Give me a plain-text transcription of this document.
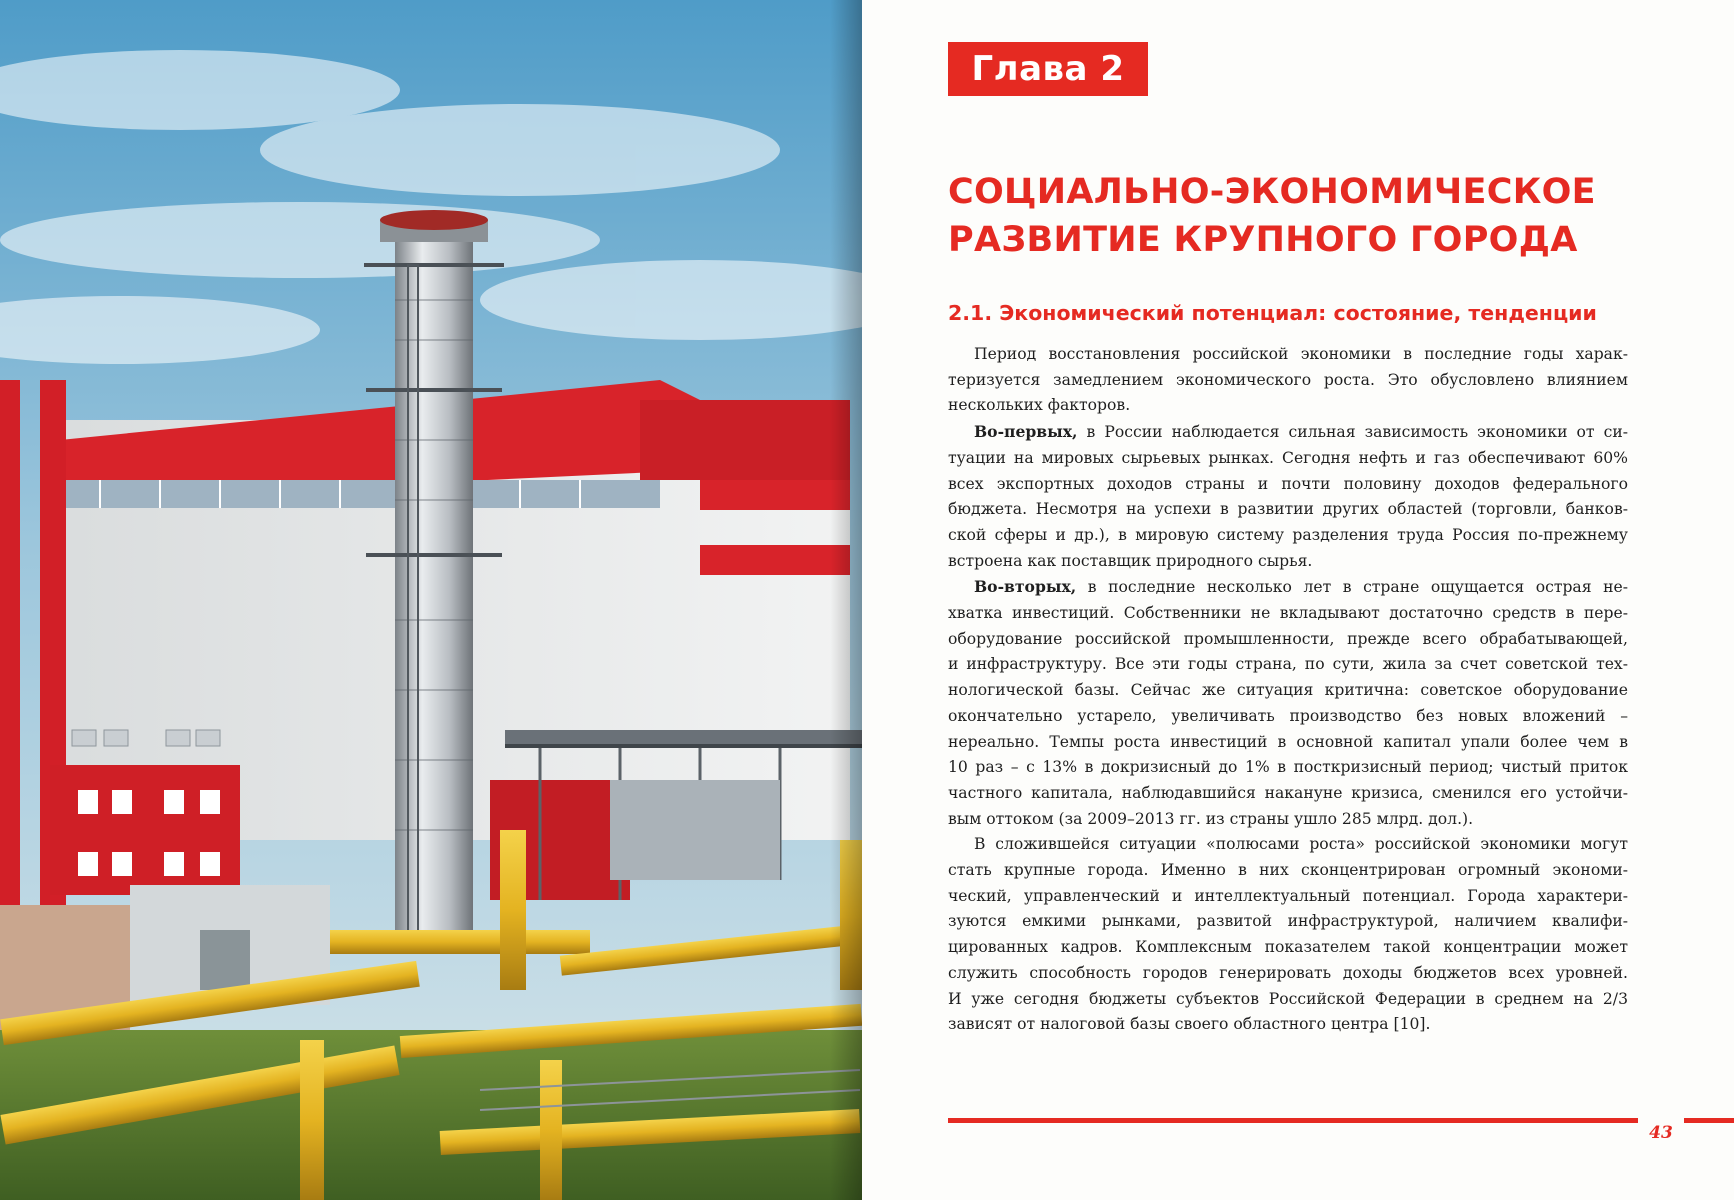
Глава 2
СОЦИАЛЬНО-ЭКОНОМИЧЕСКОЕ
РАЗВИТИЕ КРУПНОГО ГОРОДА
2.1. Экономический потенциал: состояние, тенденции

Период восстановления российской экономики в последние годы харак-
теризуется замедлением экономического роста. Это обусловлено влиянием
нескольких факторов.

Во-первых, в России наблюдается сильная зависимость экономики от си-
туации на мировых сырьевых рынках. Сегодня нефть и газ обеспечивают 60%
всех экспортных доходов страны и почти половину доходов федерального
бюджета. Несмотря на успехи в развитии других областей (торговли, банков-
ской сферы и др.), в мировую систему разделения труда Россия по-прежнему
встроена как поставщик природного сырья.

Во-вторых, в последние несколько лет в стране ощущается острая не-
хватка инвестиций. Собственники не вкладывают достаточно средств в пере-
оборудование российской промышленности, прежде всего обрабатывающей,
и инфраструктуру. Все эти годы страна, по сути, жила за счет советской тех-
нологической базы. Сейчас же ситуация критична: советское оборудование
окончательно устарело, увеличивать производство без новых вложений –
нереально. Темпы роста инвестиций в основной капитал упали более чем в
10 раз – с 13% в докризисный до 1% в посткризисный период; чистый приток
частного капитала, наблюдавшийся накануне кризиса, сменился его устойчи-
вым оттоком (за 2009–2013 гг. из страны ушло 285 млрд. дол.).

В сложившейся ситуации «полюсами роста» российской экономики могут
стать крупные города. Именно в них сконцентрирован огромный экономи-
ческий, управленческий и интеллектуальный потенциал. Города характери-
зуются емкими рынками, развитой инфраструктурой, наличием квалифи-
цированных кадров. Комплексным показателем такой концентрации может
служить способность городов генерировать доходы бюджетов всех уровней.
И уже сегодня бюджеты субъектов Российской Федерации в среднем на 2/3
зависят от налоговой базы своего областного центра [10].

43
